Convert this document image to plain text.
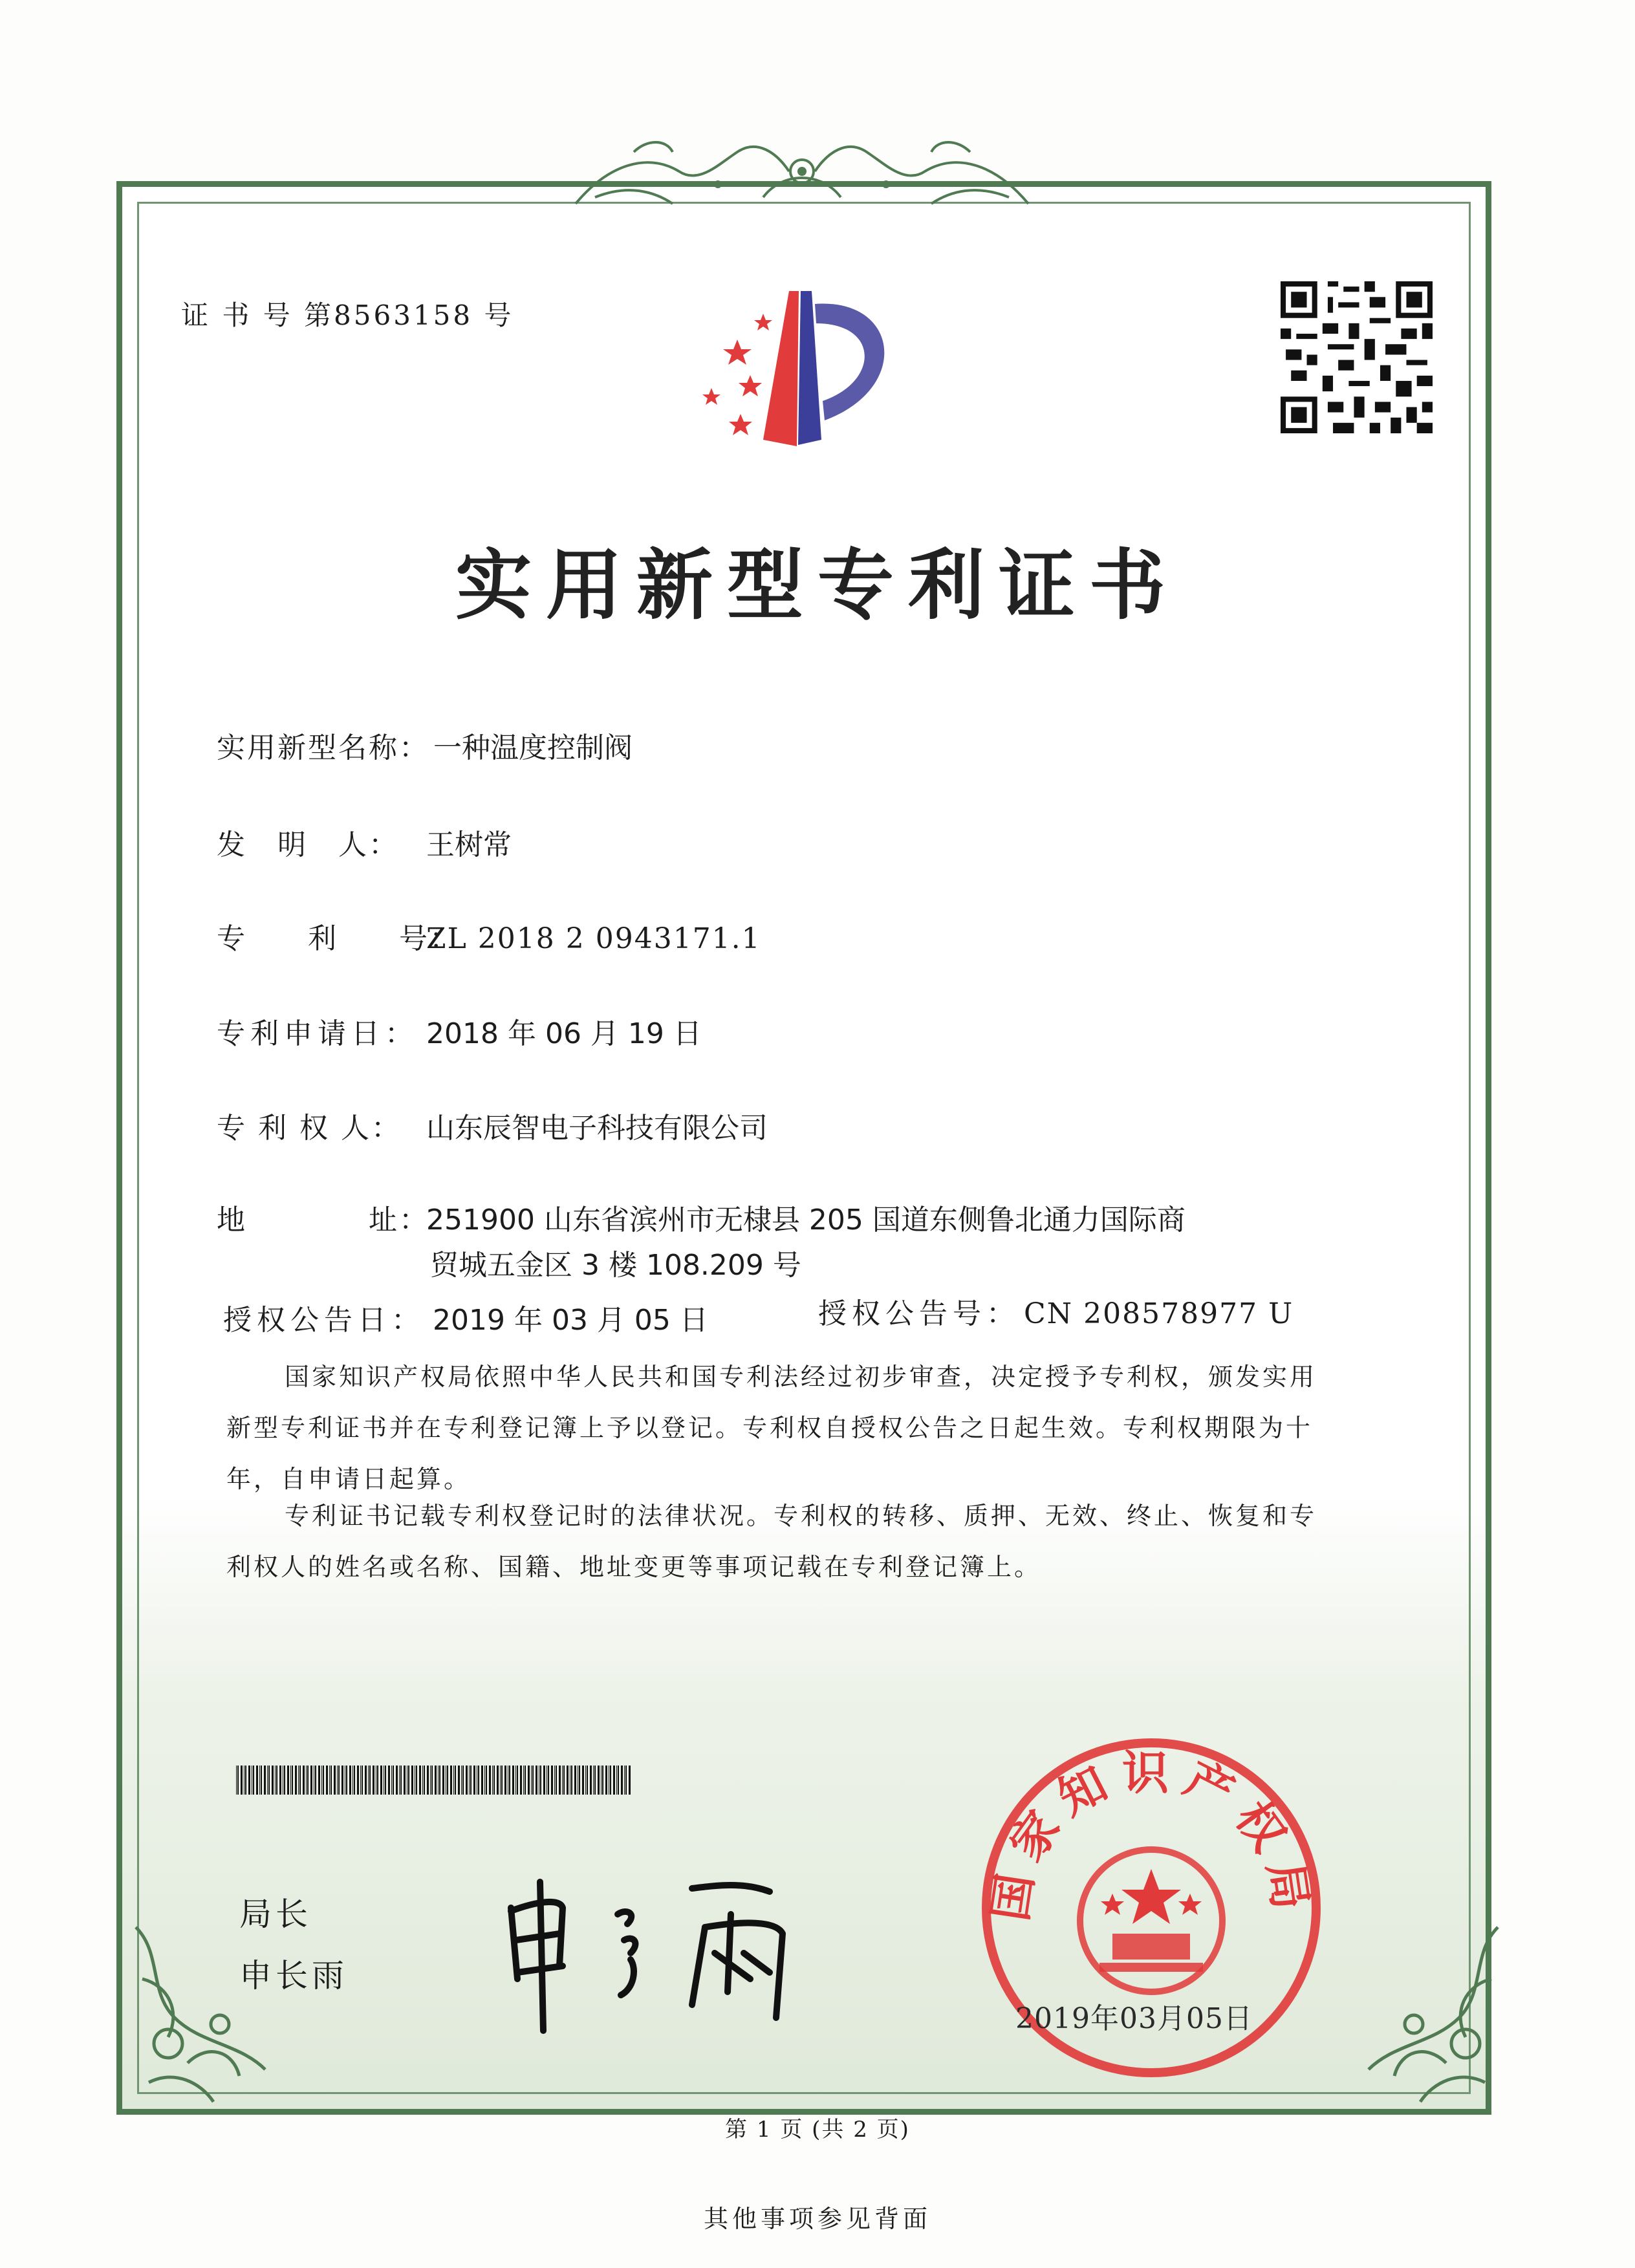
证 书 号 第8563158 号
实用新型专利证书
实用新型名称： 一种温度控制阀
发　明　人： 王树常
专　　利　　号：ZL 2018 2 0943171.1
专利申请日： 2018 年 06 月 19 日
专 利 权 人： 山东辰智电子科技有限公司
地　　　　址：251900 山东省滨州市无棣县 205 国道东侧鲁北通力国际商
贸城五金区 3 楼 108.209 号
授权公告日： 2019 年 03 月 05 日	授权公告号： CN 208578977 U
国家知识产权局依照中华人民共和国专利法经过初步审查，决定授予专利权，颁发实用
新型专利证书并在专利登记簿上予以登记。专利权自授权公告之日起生效。专利权期限为十
年，自申请日起算。
专利证书记载专利权登记时的法律状况。专利权的转移、质押、无效、终止、恢复和专
利权人的姓名或名称、国籍、地址变更等事项记载在专利登记簿上。
局长
申长雨
国家知识产权局
2019年03月05日
第 1 页 (共 2 页)
其他事项参见背面
